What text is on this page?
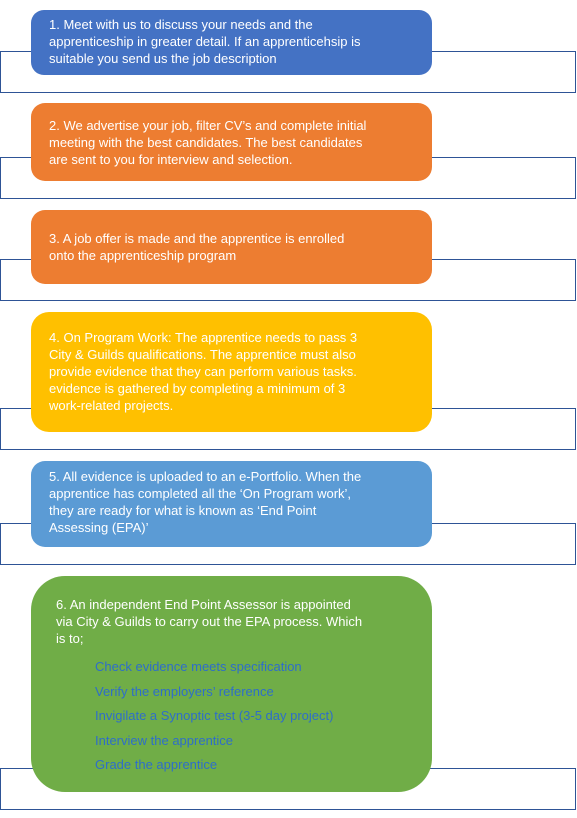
1. Meet with us to discuss your needs and the

apprenticeship in greater detail. If an apprenticehsip is

suitable you send us the job description

2. We advertise your job, filter CV’s and complete initial

meeting with the best candidates. The best candidates

are sent to you for interview and selection.

3. A job offer is made and the apprentice is enrolled

onto the apprenticeship program

4. On Program Work: The apprentice needs to pass 3

City & Guilds qualifications. The apprentice must also

provide evidence that they can perform various tasks.

evidence is gathered by completing a minimum of 3

work-related projects.

5. All evidence is uploaded to an e-Portfolio. When the

apprentice has completed all the ‘On Program work’,

they are ready for what is known as ‘End Point

Assessing (EPA)’

6. An independent End Point Assessor is appointed

via City & Guilds to carry out the EPA process. Which

is to;

Check evidence meets specification
Verify the employers’ reference
Invigilate a Synoptic test (3-5 day project)
Interview the apprentice
Grade the apprentice
